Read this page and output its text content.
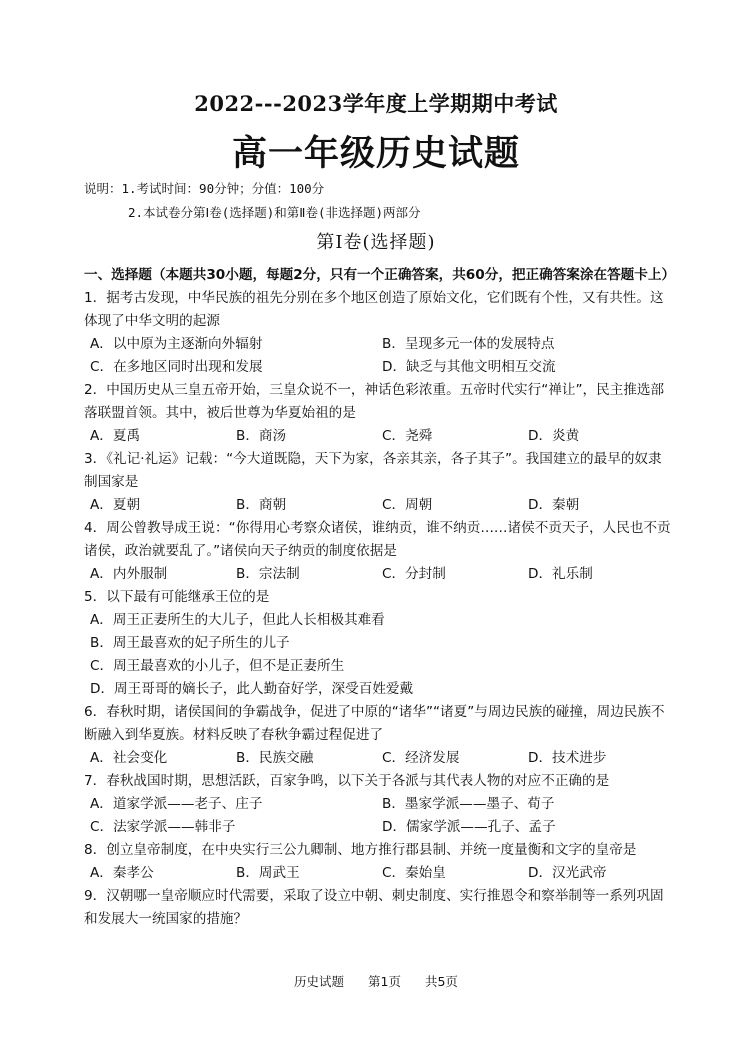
2022---2023学年度上学期期中考试
高一年级历史试题
说明：1.考试时间：90分钟；分值：100分
2.本试卷分第Ⅰ卷(选择题)和第Ⅱ卷(非选择题)两部分
第Ⅰ卷(选择题)
一、选择题（本题共30小题，每题2分，只有一个正确答案，共60分，把正确答案涂在答题卡上）
1．据考古发现，中华民族的祖先分别在多个地区创造了原始文化，它们既有个性，又有共性。这体现了中华文明的起源
A．以中原为主逐渐向外辐射	B．呈现多元一体的发展特点
C．在多地区同时出现和发展	D．缺乏与其他文明相互交流
2．中国历史从三皇五帝开始，三皇众说不一，神话色彩浓重。五帝时代实行“禅让”，民主推选部落联盟首领。其中，被后世尊为华夏始祖的是
A．夏禹	B．商汤	C．尧舜	D．炎黄
3．《礼记·礼运》记载：“今大道既隐，天下为家，各亲其亲，各子其子”。我国建立的最早的奴隶制国家是
A．夏朝	B．商朝	C．周朝	D．秦朝
4．周公曾教导成王说：“你得用心考察众诸侯，谁纳贡，谁不纳贡……诸侯不贡天子，人民也不贡诸侯，政治就要乱了。”诸侯向天子纳贡的制度依据是
A．内外服制	B．宗法制	C．分封制	D．礼乐制
5．以下最有可能继承王位的是
A．周王正妻所生的大儿子，但此人长相极其难看
B．周王最喜欢的妃子所生的儿子
C．周王最喜欢的小儿子，但不是正妻所生
D．周王哥哥的嫡长子，此人勤奋好学，深受百姓爱戴
6．春秋时期，诸侯国间的争霸战争，促进了中原的“诸华”“诸夏”与周边民族的碰撞，周边民族不断融入到华夏族。材料反映了春秋争霸过程促进了
A．社会变化	B．民族交融	C．经济发展	D．技术进步
7．春秋战国时期，思想活跃，百家争鸣，以下关于各派与其代表人物的对应不正确的是
A．道家学派——老子、庄子	B．墨家学派——墨子、荀子
C．法家学派——韩非子	D．儒家学派——孔子、孟子
8．创立皇帝制度，在中央实行三公九卿制、地方推行郡县制、并统一度量衡和文字的皇帝是
A．秦孝公	B．周武王	C．秦始皇	D．汉光武帝
9．汉朝哪一皇帝顺应时代需要，采取了设立中朝、刺史制度、实行推恩令和察举制等一系列巩固和发展大一统国家的措施？
历史试题 第1页 共5页
